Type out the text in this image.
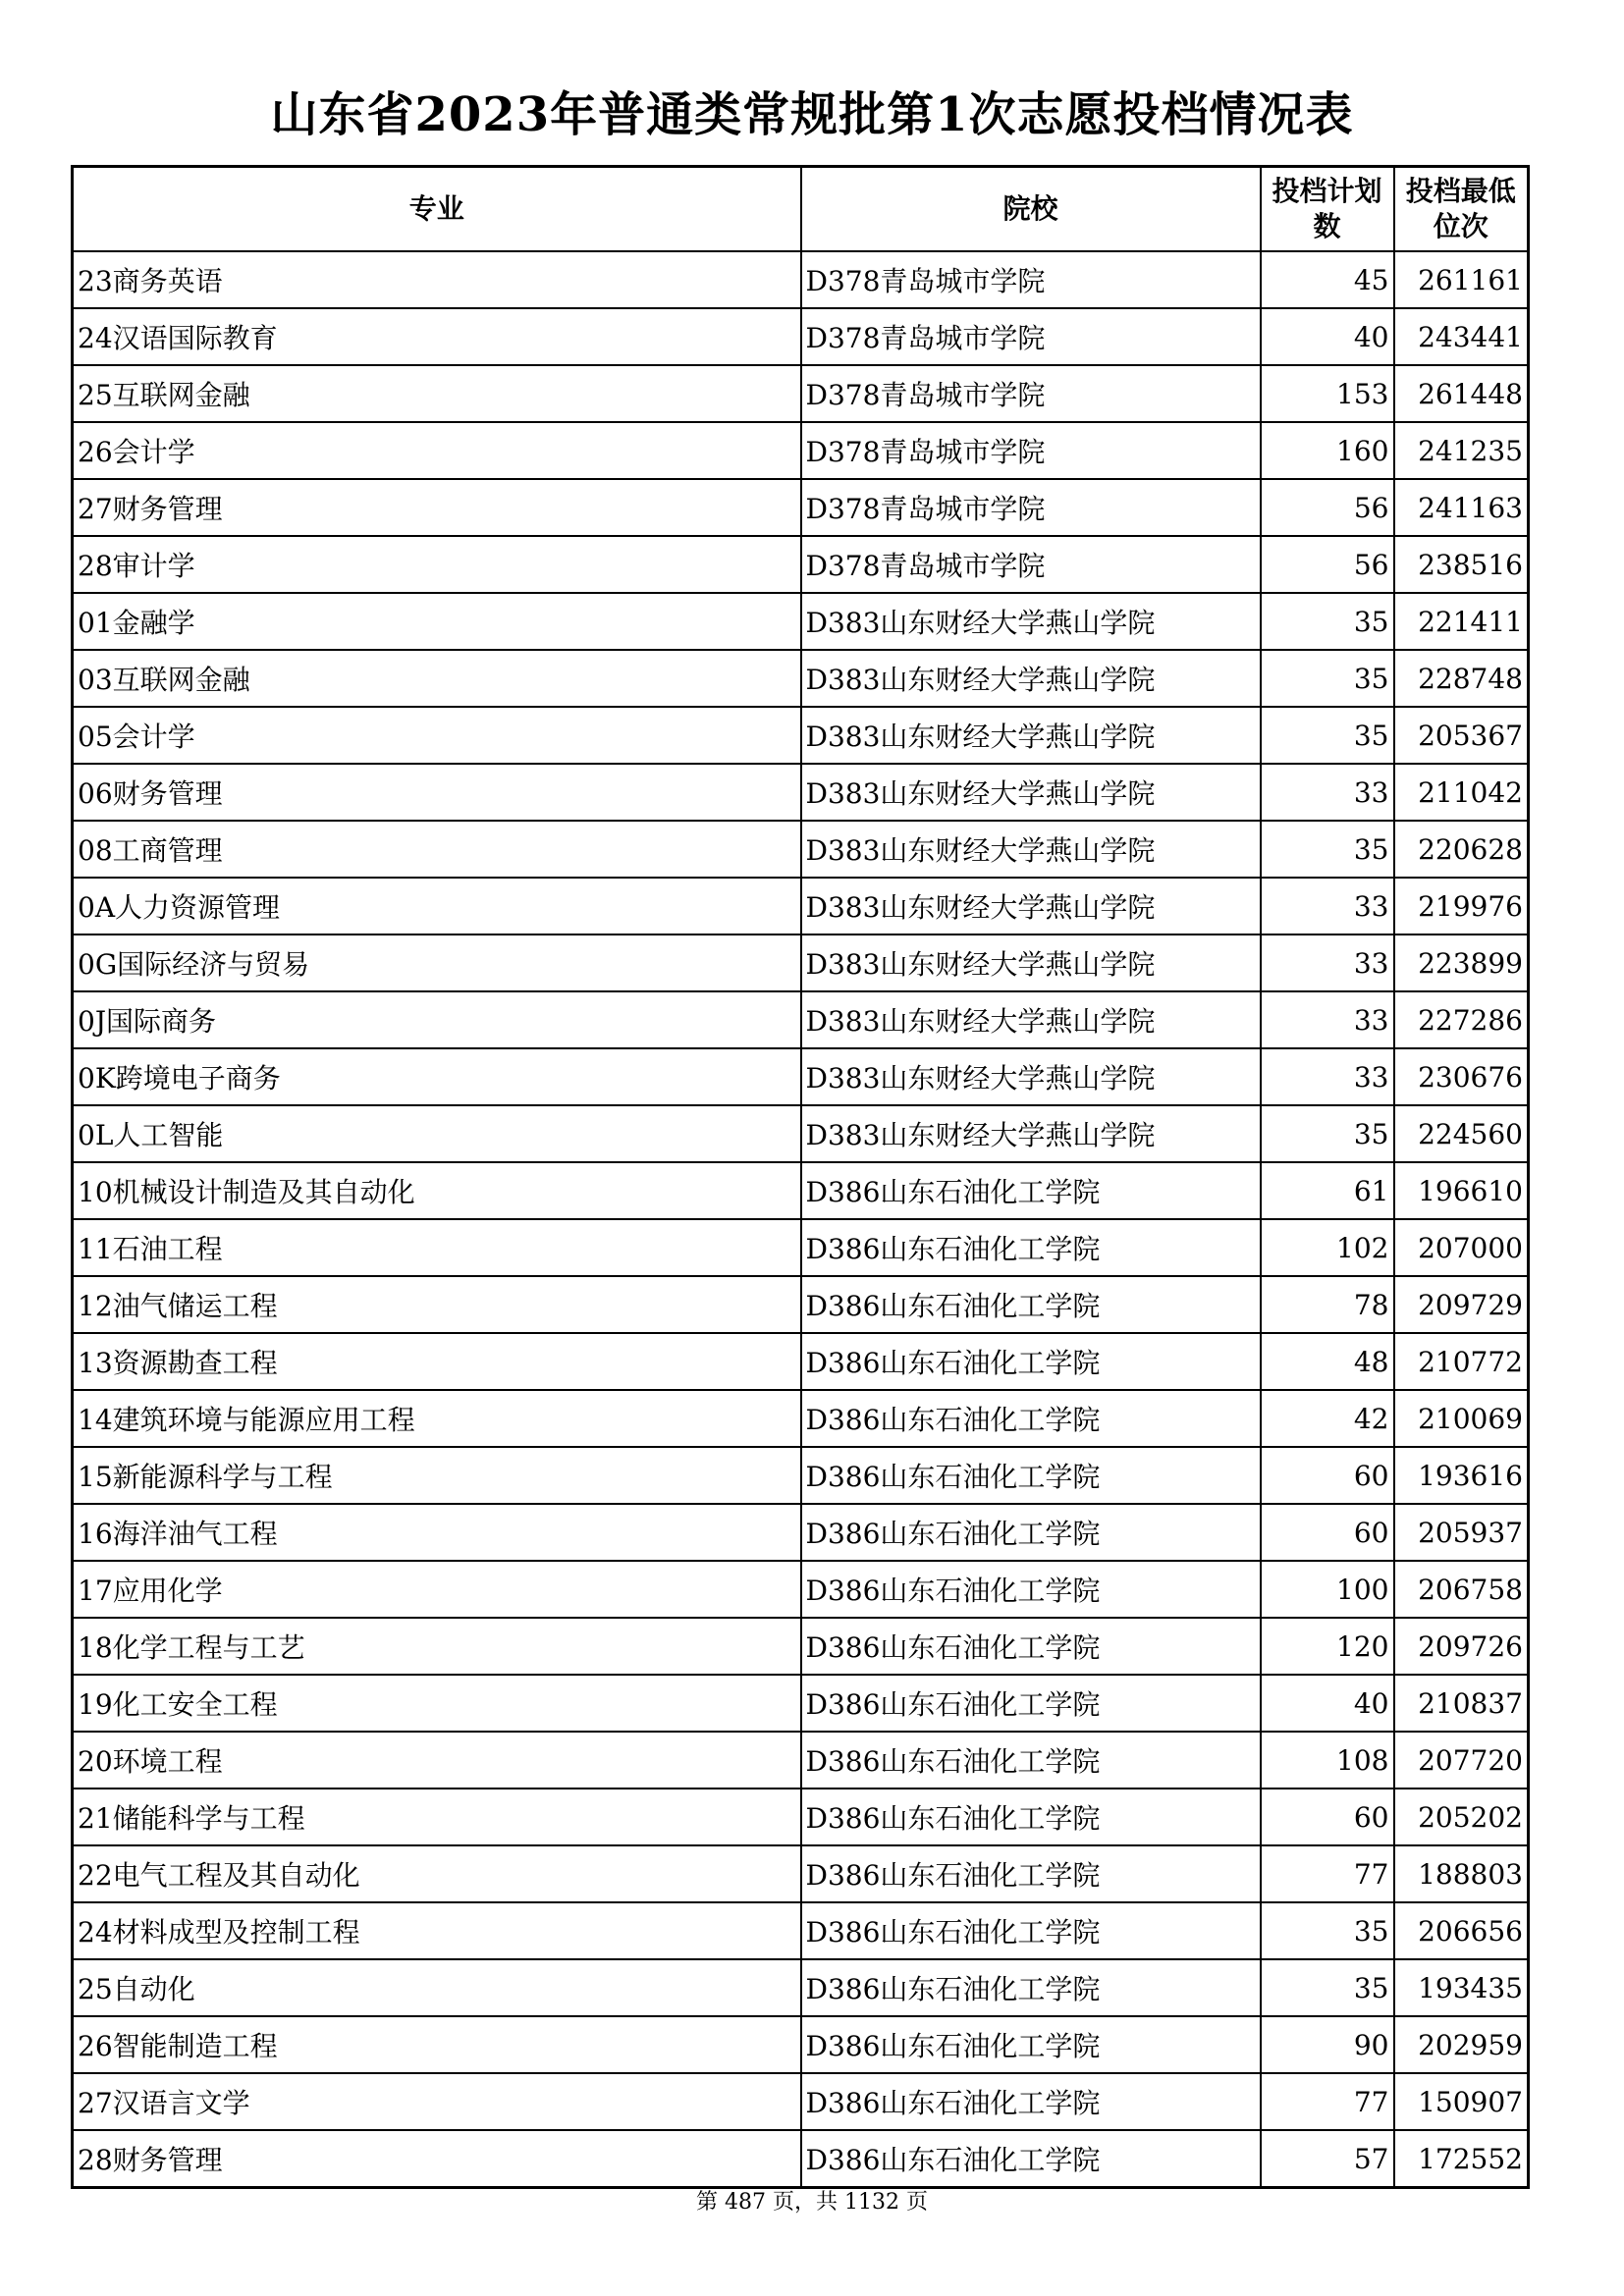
山东省2023年普通类常规批第1次志愿投档情况表
专业	院校	投档计划数	投档最低位次
23商务英语	D378青岛城市学院	45	261161
24汉语国际教育	D378青岛城市学院	40	243441
25互联网金融	D378青岛城市学院	153	261448
26会计学	D378青岛城市学院	160	241235
27财务管理	D378青岛城市学院	56	241163
28审计学	D378青岛城市学院	56	238516
01金融学	D383山东财经大学燕山学院	35	221411
03互联网金融	D383山东财经大学燕山学院	35	228748
05会计学	D383山东财经大学燕山学院	35	205367
06财务管理	D383山东财经大学燕山学院	33	211042
08工商管理	D383山东财经大学燕山学院	35	220628
0A人力资源管理	D383山东财经大学燕山学院	33	219976
0G国际经济与贸易	D383山东财经大学燕山学院	33	223899
0J国际商务	D383山东财经大学燕山学院	33	227286
0K跨境电子商务	D383山东财经大学燕山学院	33	230676
0L人工智能	D383山东财经大学燕山学院	35	224560
10机械设计制造及其自动化	D386山东石油化工学院	61	196610
11石油工程	D386山东石油化工学院	102	207000
12油气储运工程	D386山东石油化工学院	78	209729
13资源勘查工程	D386山东石油化工学院	48	210772
14建筑环境与能源应用工程	D386山东石油化工学院	42	210069
15新能源科学与工程	D386山东石油化工学院	60	193616
16海洋油气工程	D386山东石油化工学院	60	205937
17应用化学	D386山东石油化工学院	100	206758
18化学工程与工艺	D386山东石油化工学院	120	209726
19化工安全工程	D386山东石油化工学院	40	210837
20环境工程	D386山东石油化工学院	108	207720
21储能科学与工程	D386山东石油化工学院	60	205202
22电气工程及其自动化	D386山东石油化工学院	77	188803
24材料成型及控制工程	D386山东石油化工学院	35	206656
25自动化	D386山东石油化工学院	35	193435
26智能制造工程	D386山东石油化工学院	90	202959
27汉语言文学	D386山东石油化工学院	77	150907
28财务管理	D386山东石油化工学院	57	172552
第 487 页，共 1132 页
